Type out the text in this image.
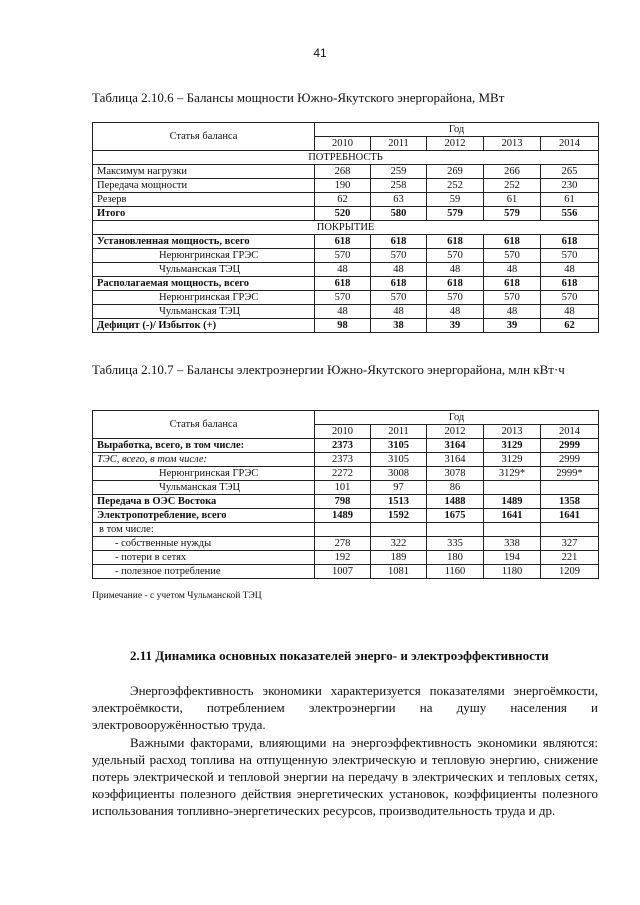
41
Таблица 2.10.6 – Балансы мощности Южно-Якутского энергорайона, МВт
Статья баланса	Год				
	2010	2011	2012	2013	2014
ПОТРЕБНОСТЬ					
Максимум нагрузки	268	259	269	266	265
Передача мощности	190	258	252	252	230
Резерв	62	63	59	61	61
Итого	520	580	579	579	556
ПОКРЫТИЕ					
Установленная мощность, всего	618	618	618	618	618
Нерюнгринская ГРЭС	570	570	570	570	570
Чульманская ТЭЦ	48	48	48	48	48
Располагаемая мощность, всего	618	618	618	618	618
Нерюнгринская ГРЭС	570	570	570	570	570
Чульманская ТЭЦ	48	48	48	48	48
Дефицит (-)/ Избыток (+)	98	38	39	39	62
Таблица 2.10.7 – Балансы электроэнергии Южно-Якутского энергорайона, млн кВт·ч
Статья баланса	Год				
	2010	2011	2012	2013	2014
Выработка, всего, в том числе:	2373	3105	3164	3129	2999
ТЭС, всего, в том числе:	2373	3105	3164	3129	2999
Нерюнгринская ГРЭС	2272	3008	3078	3129*	2999*
Чульманская ТЭЦ	101	97	86		
Передача в ОЭС Востока	798	1513	1488	1489	1358
Электропотребление, всего	1489	1592	1675	1641	1641
в том числе:					
- собственные нужды	278	322	335	338	327
- потери в сетях	192	189	180	194	221
- полезное потребление	1007	1081	1160	1180	1209
Примечание - с учетом Чульманской ТЭЦ
2.11 Динамика основных показателей энерго- и электроэффективности
Энергоэффективность экономики характеризуется показателями энергоёмкости, электроёмкости, потреблением электроэнергии на душу населения и электровооружённостью труда.
Важными факторами, влияющими на энергоэффективность экономики являются: удельный расход топлива на отпущенную электрическую и тепловую энергию, снижение потерь электрической и тепловой энергии на передачу в электрических и тепловых сетях, коэффициенты полезного действия энергетических установок, коэффициенты полезного использования топливно-энергетических ресурсов, производительность труда и др.
